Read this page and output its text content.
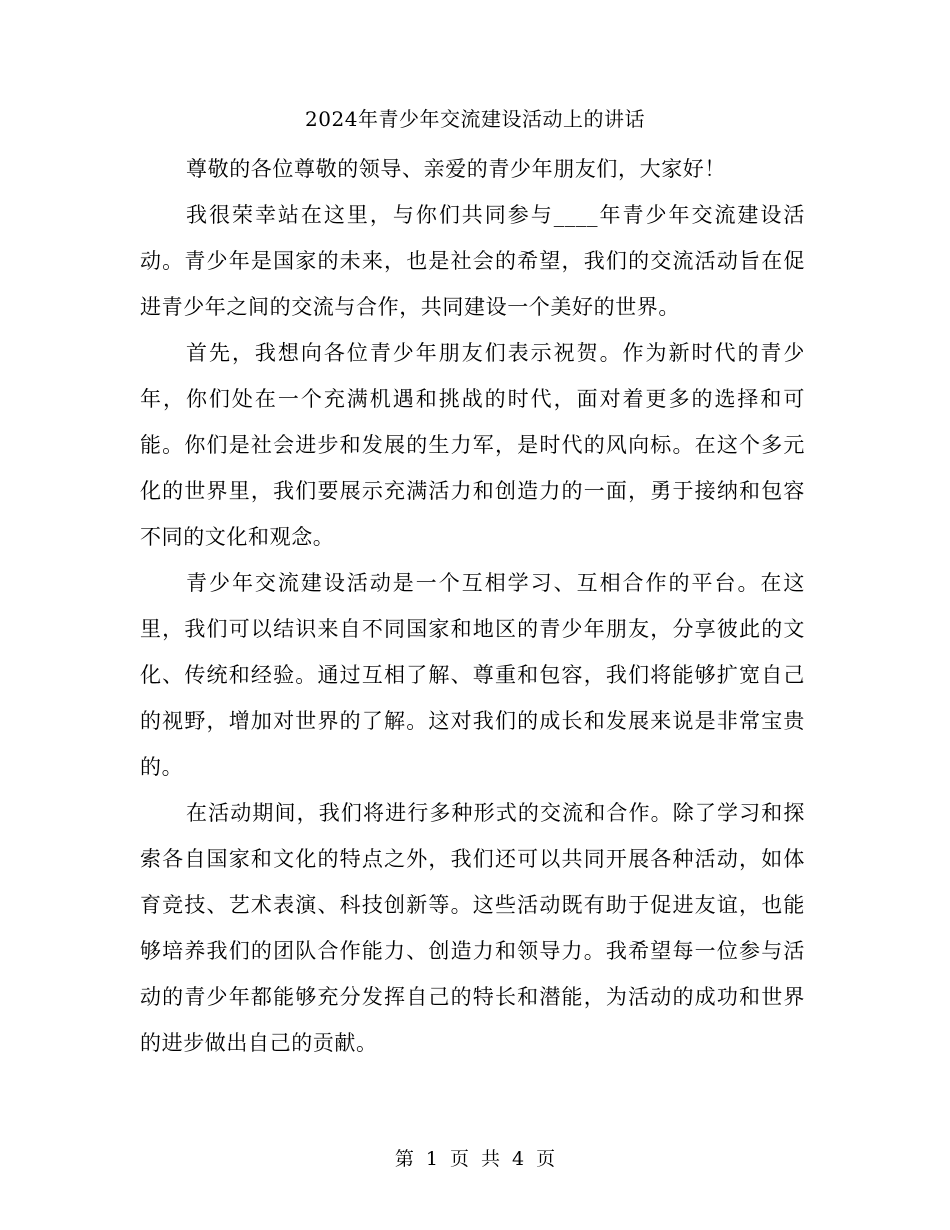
2024年青少年交流建设活动上的讲话

尊敬的各位尊敬的领导、亲爱的青少年朋友们，大家好！

我很荣幸站在这里，与你们共同参与____年青少年交流建设活动。青少年是国家的未来，也是社会的希望，我们的交流活动旨在促进青少年之间的交流与合作，共同建设一个美好的世界。

首先，我想向各位青少年朋友们表示祝贺。作为新时代的青少年，你们处在一个充满机遇和挑战的时代，面对着更多的选择和可能。你们是社会进步和发展的生力军，是时代的风向标。在这个多元化的世界里，我们要展示充满活力和创造力的一面，勇于接纳和包容不同的文化和观念。

青少年交流建设活动是一个互相学习、互相合作的平台。在这里，我们可以结识来自不同国家和地区的青少年朋友，分享彼此的文化、传统和经验。通过互相了解、尊重和包容，我们将能够扩宽自己的视野，增加对世界的了解。这对我们的成长和发展来说是非常宝贵的。

在活动期间，我们将进行多种形式的交流和合作。除了学习和探索各自国家和文化的特点之外，我们还可以共同开展各种活动，如体育竞技、艺术表演、科技创新等。这些活动既有助于促进友谊，也能够培养我们的团队合作能力、创造力和领导力。我希望每一位参与活动的青少年都能够充分发挥自己的特长和潜能，为活动的成功和世界的进步做出自己的贡献。

第 1 页 共 4 页
